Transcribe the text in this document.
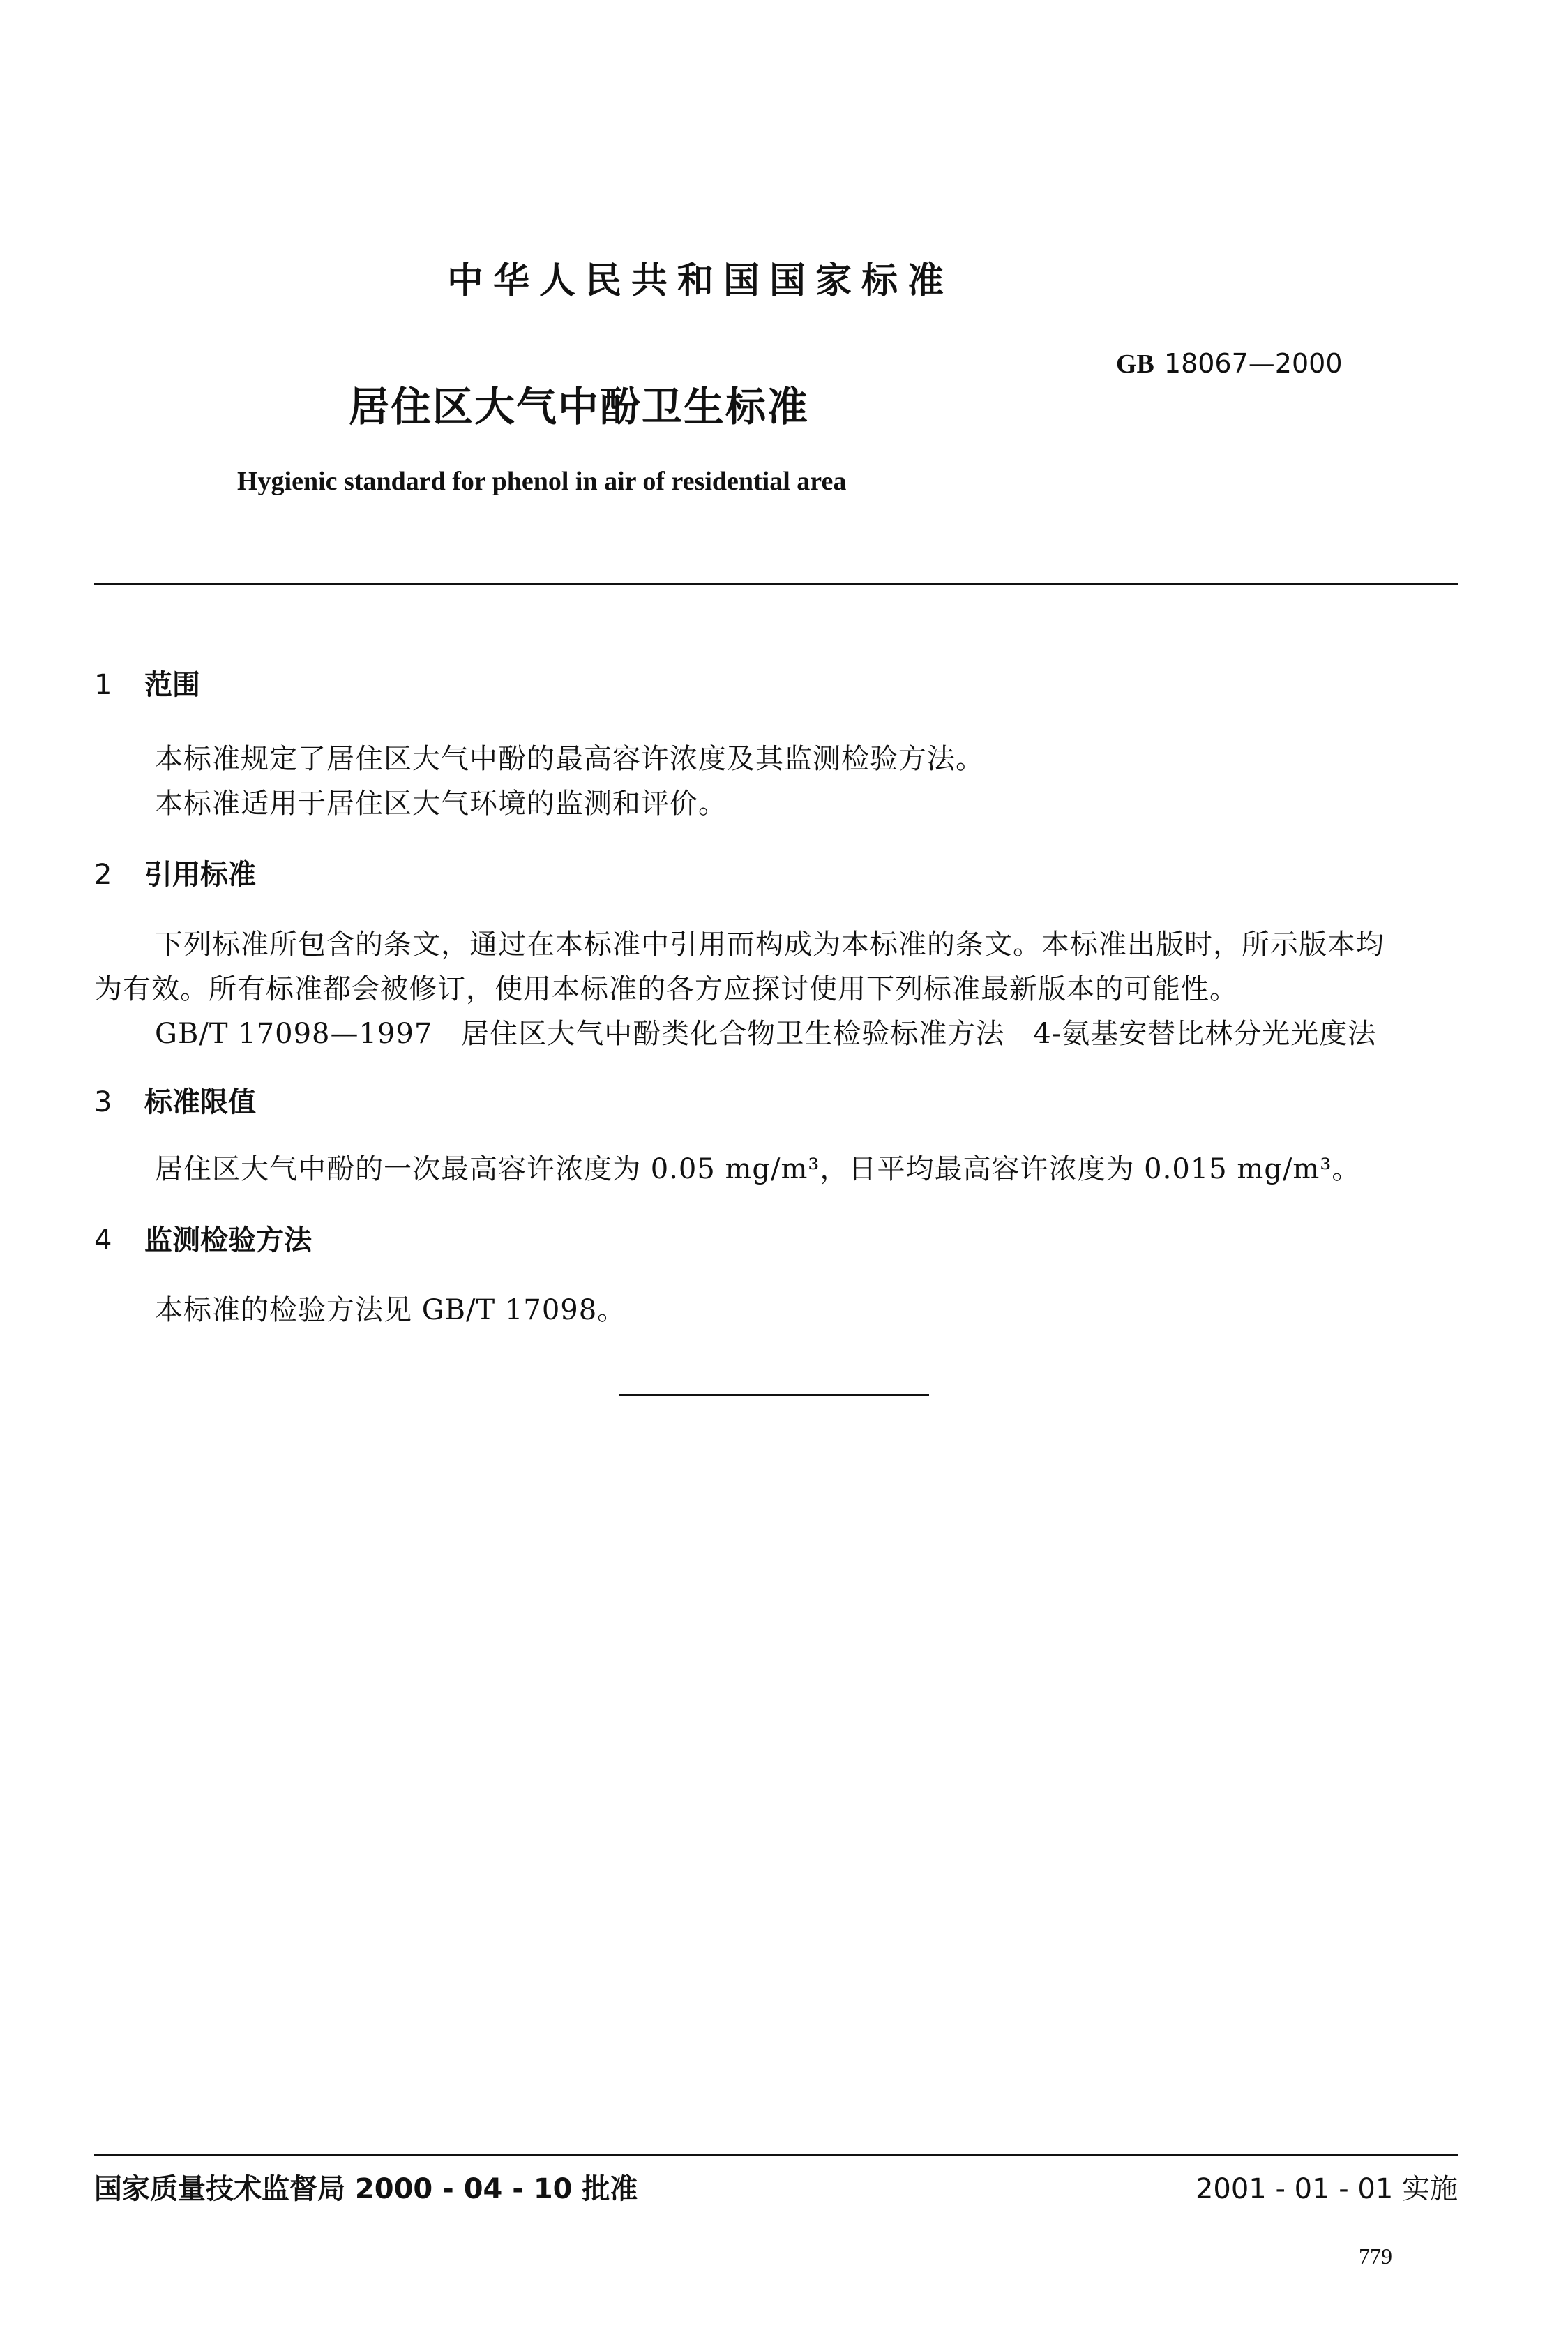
中华人民共和国国家标准
GB 18067—2000
居住区大气中酚卫生标准
Hygienic standard for phenol in air of residential area
1 范围
本标准规定了居住区大气中酚的最高容许浓度及其监测检验方法。
本标准适用于居住区大气环境的监测和评价。
2 引用标准
下列标准所包含的条文，通过在本标准中引用而构成为本标准的条文。本标准出版时，所示版本均
为有效。所有标准都会被修订，使用本标准的各方应探讨使用下列标准最新版本的可能性。
GB/T 17098—1997　居住区大气中酚类化合物卫生检验标准方法　4-氨基安替比林分光光度法
3 标准限值
居住区大气中酚的一次最高容许浓度为 0.05 mg/m³，日平均最高容许浓度为 0.015 mg/m³。
4 监测检验方法
本标准的检验方法见 GB/T 17098。
国家质量技术监督局 2000 - 04 - 10 批准	2001 - 01 - 01 实施
779
